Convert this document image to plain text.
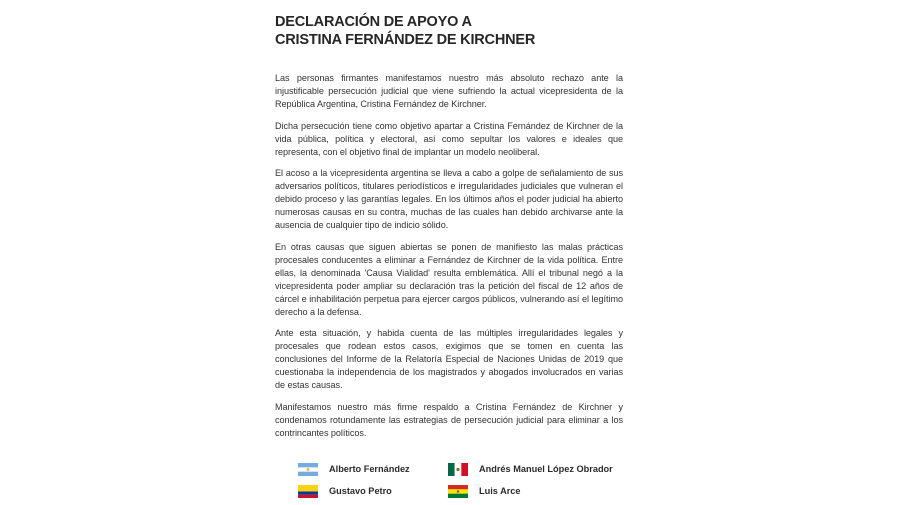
DECLARACIÓN DE APOYO A
CRISTINA FERNÁNDEZ DE KIRCHNER

Las personas firmantes manifestamos nuestro más absoluto rechazo ante la injustificable persecución judicial que viene sufriendo la actual vicepresidenta de la República Argentina, Cristina Fernández de Kirchner.

Dicha persecución tiene como objetivo apartar a Cristina Fernández de Kirchner de la vida pública, política y electoral, así como sepultar los valores e ideales que representa, con el objetivo final de implantar un modelo neoliberal.

El acoso a la vicepresidenta argentina se lleva a cabo a golpe de señalamiento de sus adversarios políticos, titulares periodísticos e irregularidades judiciales que vulneran el debido proceso y las garantías legales. En los últimos años el poder judicial ha abierto numerosas causas en su contra, muchas de las cuales han debido archivarse ante la ausencia de cualquier tipo de indicio sólido.

En otras causas que siguen abiertas se ponen de manifiesto las malas prácticas procesales conducentes a eliminar a Fernández de Kirchner de la vida política. Entre ellas, la denominada 'Causa Vialidad' resulta emblemática. Allí el tribunal negó a la vicepresidenta poder ampliar su declaración tras la petición del fiscal de 12 años de cárcel e inhabilitación perpetua para ejercer cargos públicos, vulnerando así el legítimo derecho a la defensa.

Ante esta situación, y habida cuenta de las múltiples irregularidades legales y procesales que rodean estos casos, exigimos que se tomen en cuenta las conclusiones del Informe de la Relatoría Especial de Naciones Unidas de 2019 que cuestionaba la independencia de los magistrados y abogados involucrados en varias de estas causas.

Manifestamos nuestro más firme respaldo a Cristina Fernández de Kirchner y condenamos rotundamente las estrategias de persecución judicial para eliminar a los contrincantes políticos.

Alberto Fernández	Andrés Manuel López Obrador
Gustavo Petro	Luis Arce
